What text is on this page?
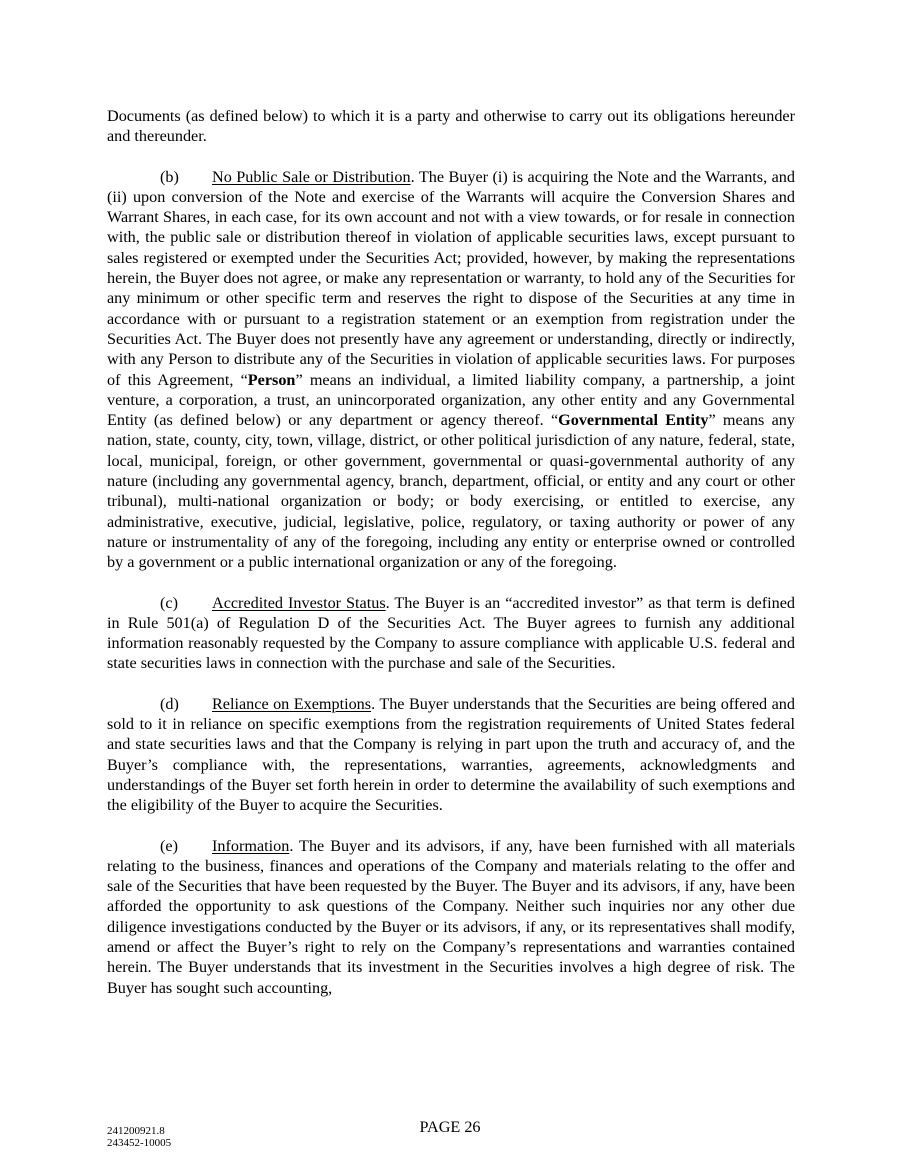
Documents (as defined below) to which it is a party and otherwise to carry out its obligations hereunder and thereunder.

(b) No Public Sale or Distribution. The Buyer (i) is acquiring the Note and the Warrants, and (ii) upon conversion of the Note and exercise of the Warrants will acquire the Conversion Shares and Warrant Shares, in each case, for its own account and not with a view towards, or for resale in connection with, the public sale or distribution thereof in violation of applicable securities laws, except pursuant to sales registered or exempted under the Securities Act; provided, however, by making the representations herein, the Buyer does not agree, or make any representation or warranty, to hold any of the Securities for any minimum or other specific term and reserves the right to dispose of the Securities at any time in accordance with or pursuant to a registration statement or an exemption from registration under the Securities Act. The Buyer does not presently have any agreement or understanding, directly or indirectly, with any Person to distribute any of the Securities in violation of applicable securities laws. For purposes of this Agreement, “Person” means an individual, a limited liability company, a partnership, a joint venture, a corporation, a trust, an unincorporated organization, any other entity and any Governmental Entity (as defined below) or any department or agency thereof. “Governmental Entity” means any nation, state, county, city, town, village, district, or other political jurisdiction of any nature, federal, state, local, municipal, foreign, or other government, governmental or quasi-governmental authority of any nature (including any governmental agency, branch, department, official, or entity and any court or other tribunal), multi-national organization or body; or body exercising, or entitled to exercise, any administrative, executive, judicial, legislative, police, regulatory, or taxing authority or power of any nature or instrumentality of any of the foregoing, including any entity or enterprise owned or controlled by a government or a public international organization or any of the foregoing.

(c) Accredited Investor Status. The Buyer is an “accredited investor” as that term is defined in Rule 501(a) of Regulation D of the Securities Act. The Buyer agrees to furnish any additional information reasonably requested by the Company to assure compliance with applicable U.S. federal and state securities laws in connection with the purchase and sale of the Securities.

(d) Reliance on Exemptions. The Buyer understands that the Securities are being offered and sold to it in reliance on specific exemptions from the registration requirements of United States federal and state securities laws and that the Company is relying in part upon the truth and accuracy of, and the Buyer’s compliance with, the representations, warranties, agreements, acknowledgments and understandings of the Buyer set forth herein in order to determine the availability of such exemptions and the eligibility of the Buyer to acquire the Securities.

(e) Information. The Buyer and its advisors, if any, have been furnished with all materials relating to the business, finances and operations of the Company and materials relating to the offer and sale of the Securities that have been requested by the Buyer. The Buyer and its advisors, if any, have been afforded the opportunity to ask questions of the Company. Neither such inquiries nor any other due diligence investigations conducted by the Buyer or its advisors, if any, or its representatives shall modify, amend or affect the Buyer’s right to rely on the Company’s representations and warranties contained herein. The Buyer understands that its investment in the Securities involves a high degree of risk. The Buyer has sought such accounting,

241200921.8
243452-10005
PAGE 26
